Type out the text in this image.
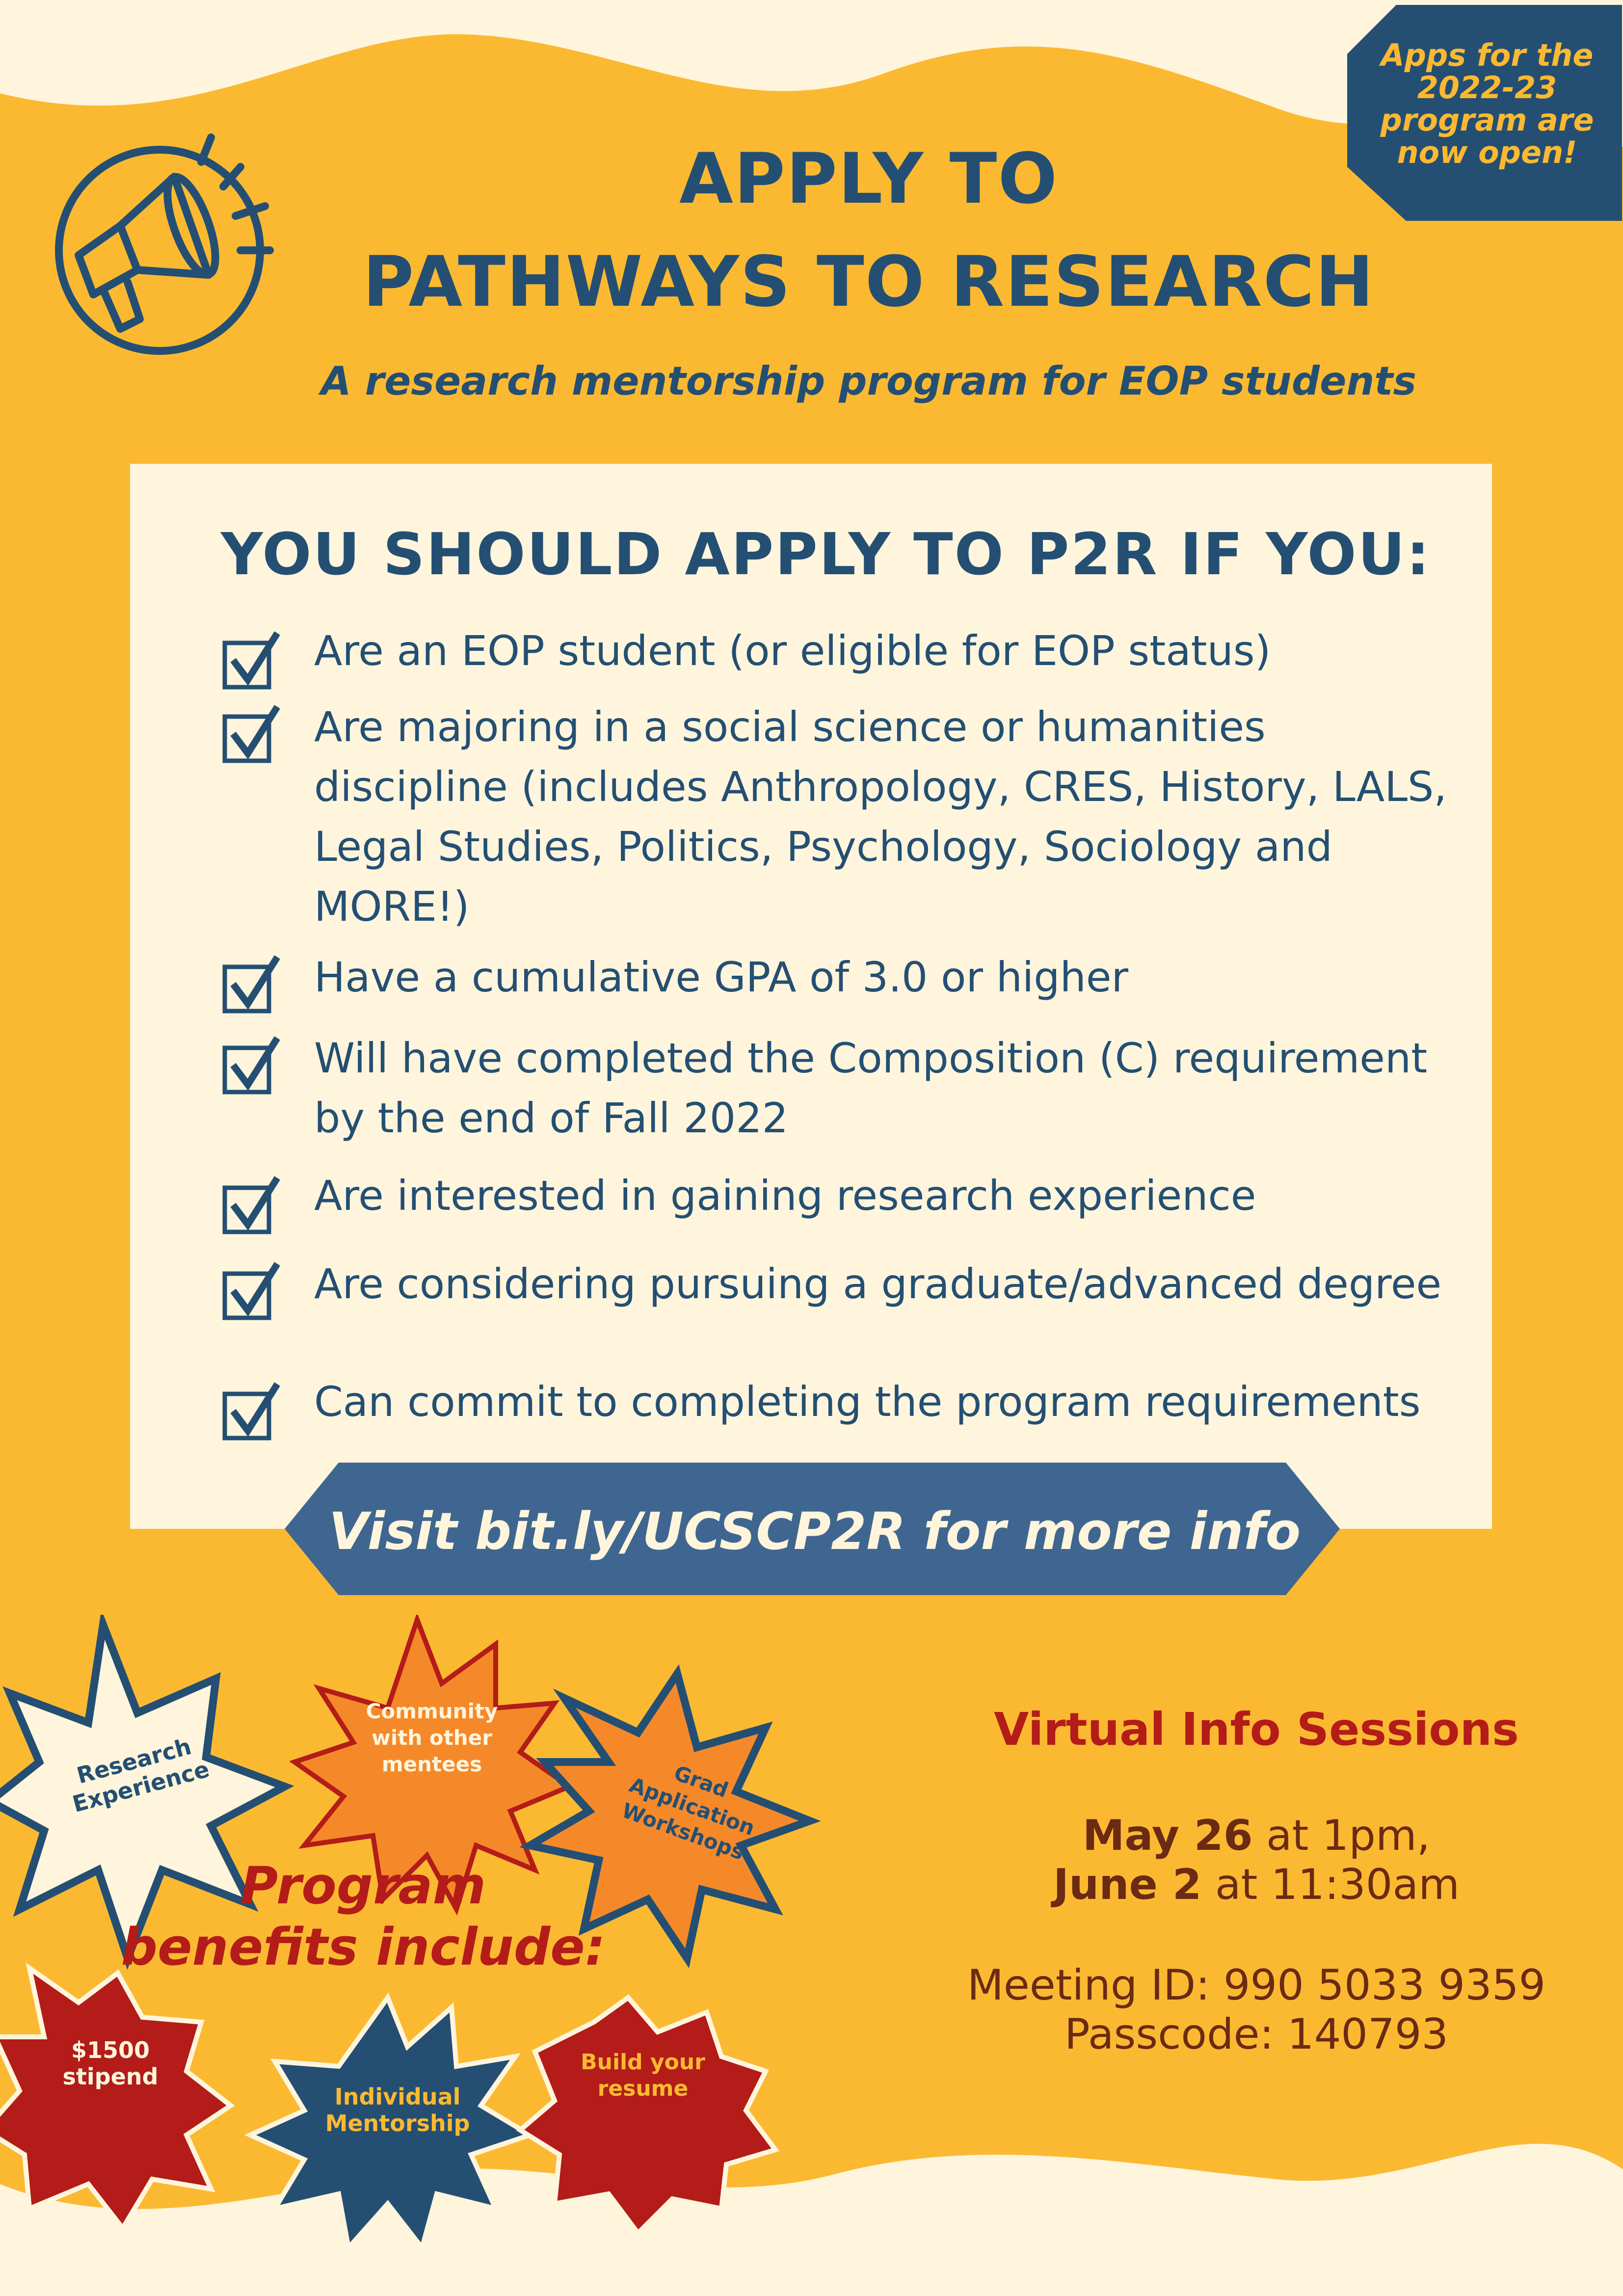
Apps for the
2022-23
program are
now open!
APPLY TO
PATHWAYS TO RESEARCH
A research mentorship program for EOP students
YOU SHOULD APPLY TO P2R IF YOU:
Are an EOP student (or eligible for EOP status)
Are majoring in a social science or humanities discipline (includes Anthropology, CRES, History, LALS, Legal Studies, Politics, Psychology, Sociology and MORE!)
Have a cumulative GPA of 3.0 or higher
Will have completed the Composition (C) requirement by the end of Fall 2022
Are interested in gaining research experience
Are considering pursuing a graduate/advanced degree
Can commit to completing the program requirements
Visit bit.ly/UCSCP2R for more info
Virtual Info Sessions
May 26 at 1pm,
June 2 at 11:30am
Meeting ID: 990 5033 9359
Passcode: 140793
Program
benefits include:
Research Experience
Community with other mentees	Grad Application Workshops
$1500 stipend
Individual Mentorship
Build your resume
